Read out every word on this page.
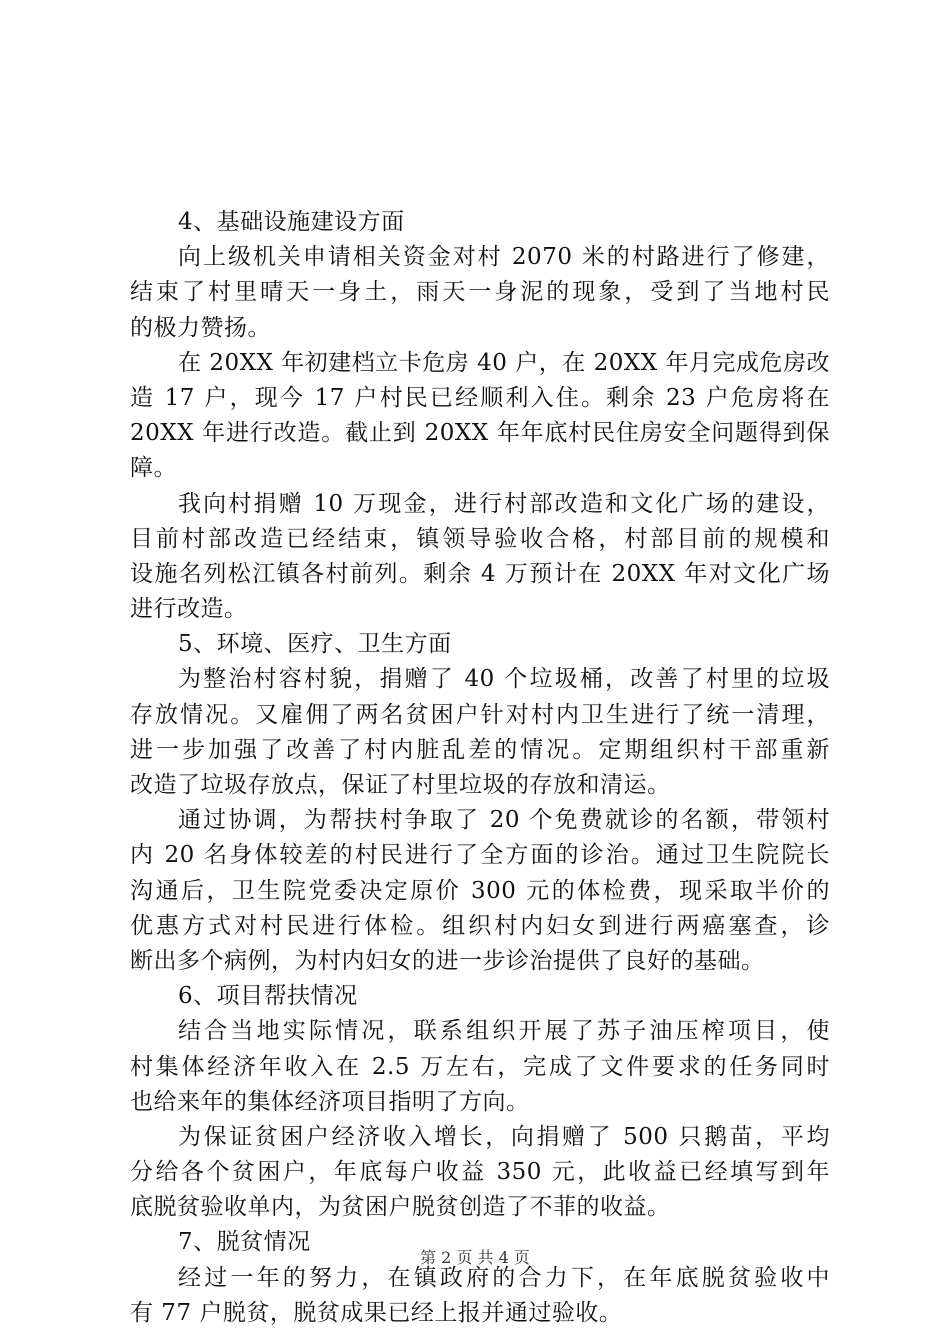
4、基础设施建设方面
向上级机关申请相关资金对村 2070 米的村路进行了修建，
结束了村里晴天一身土，雨天一身泥的现象，受到了当地村民
的极力赞扬。
在 20XX 年初建档立卡危房 40 户，在 20XX 年月完成危房改
造 17 户，现今 17 户村民已经顺利入住。剩余 23 户危房将在
20XX 年进行改造。截止到 20XX 年年底村民住房安全问题得到保
障。
我向村捐赠 10 万现金，进行村部改造和文化广场的建设，
目前村部改造已经结束，镇领导验收合格，村部目前的规模和
设施名列松江镇各村前列。剩余 4 万预计在 20XX 年对文化广场
进行改造。
5、环境、医疗、卫生方面
为整治村容村貌，捐赠了 40 个垃圾桶，改善了村里的垃圾
存放情况。又雇佣了两名贫困户针对村内卫生进行了统一清理，
进一步加强了改善了村内脏乱差的情况。定期组织村干部重新
改造了垃圾存放点，保证了村里垃圾的存放和清运。
通过协调，为帮扶村争取了 20 个免费就诊的名额，带领村
内 20 名身体较差的村民进行了全方面的诊治。通过卫生院院长
沟通后，卫生院党委决定原价 300 元的体检费，现采取半价的
优惠方式对村民进行体检。组织村内妇女到进行两癌塞查，诊
断出多个病例，为村内妇女的进一步诊治提供了良好的基础。
6、项目帮扶情况
结合当地实际情况，联系组织开展了苏子油压榨项目，使
村集体经济年收入在 2.5 万左右，完成了文件要求的任务同时
也给来年的集体经济项目指明了方向。
为保证贫困户经济收入增长，向捐赠了 500 只鹅苗，平均
分给各个贫困户，年底每户收益 350 元，此收益已经填写到年
底脱贫验收单内，为贫困户脱贫创造了不菲的收益。
7、脱贫情况
经过一年的努力，在镇政府的合力下，在年底脱贫验收中
有 77 户脱贫，脱贫成果已经上报并通过验收。
第 2 页 共 4 页
